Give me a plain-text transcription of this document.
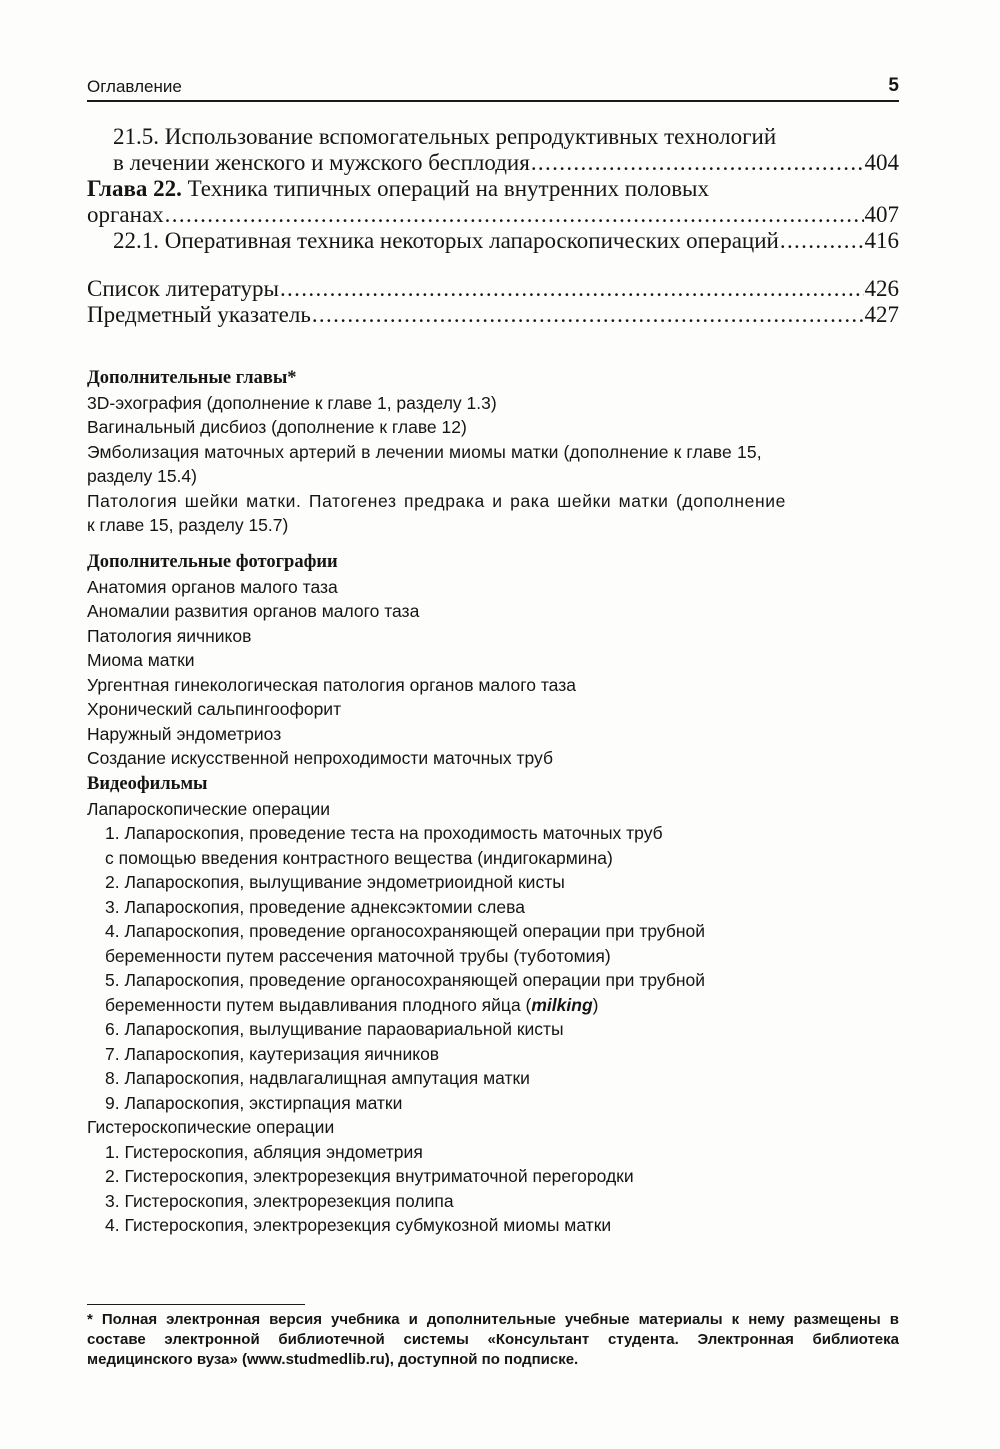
Оглавление	5
21.5. Использование вспомогательных репродуктивных технологий
в лечении женского и мужского бесплодия . . .	404
Глава 22. Техника типичных операций на внутренних половых
органах . . .	407
22.1. Оперативная техника некоторых лапароскопических операций . . .	416
Список литературы . . .	426
Предметный указатель . . .	427
Дополнительные главы*
3D-эхография (дополнение к главе 1, разделу 1.3)
Вагинальный дисбиоз (дополнение к главе 12)
Эмболизация маточных артерий в лечении миомы матки (дополнение к главе 15,
разделу 15.4)
Патология шейки матки. Патогенез предрака и рака шейки матки (дополнение
к главе 15, разделу 15.7)
Дополнительные фотографии
Анатомия органов малого таза
Аномалии развития органов малого таза
Патология яичников
Миома матки
Ургентная гинекологическая патология органов малого таза
Хронический сальпингоофорит
Наружный эндометриоз
Создание искусственной непроходимости маточных труб
Видеофильмы
Лапароскопические операции
1. Лапароскопия, проведение теста на проходимость маточных труб
с помощью введения контрастного вещества (индигокармина)
2. Лапароскопия, вылущивание эндометриоидной кисты
3. Лапароскопия, проведение аднексэктомии слева
4. Лапароскопия, проведение органосохраняющей операции при трубной
беременности путем рассечения маточной трубы (тубoтомия)
5. Лапароскопия, проведение органосохраняющей операции при трубной
беременности путем выдавливания плодного яйца (milking)
6. Лапароскопия, вылущивание параовариальной кисты
7. Лапароскопия, каутеризация яичников
8. Лапароскопия, надвлагалищная ампутация матки
9. Лапароскопия, экстирпация матки
Гистероскопические операции
1. Гистероскопия, абляция эндометрия
2. Гистероскопия, электрорезекция внутриматочной перегородки
3. Гистероскопия, электрорезекция полипа
4. Гистероскопия, электрорезекция субмукозной миомы матки
* Полная электронная версия учебника и дополнительные учебные материалы к нему размещены в составе электронной библиотечной системы «Консультант студента. Электронная библиотека медицинского вуза» (www.studmedlib.ru), доступной по подписке.
